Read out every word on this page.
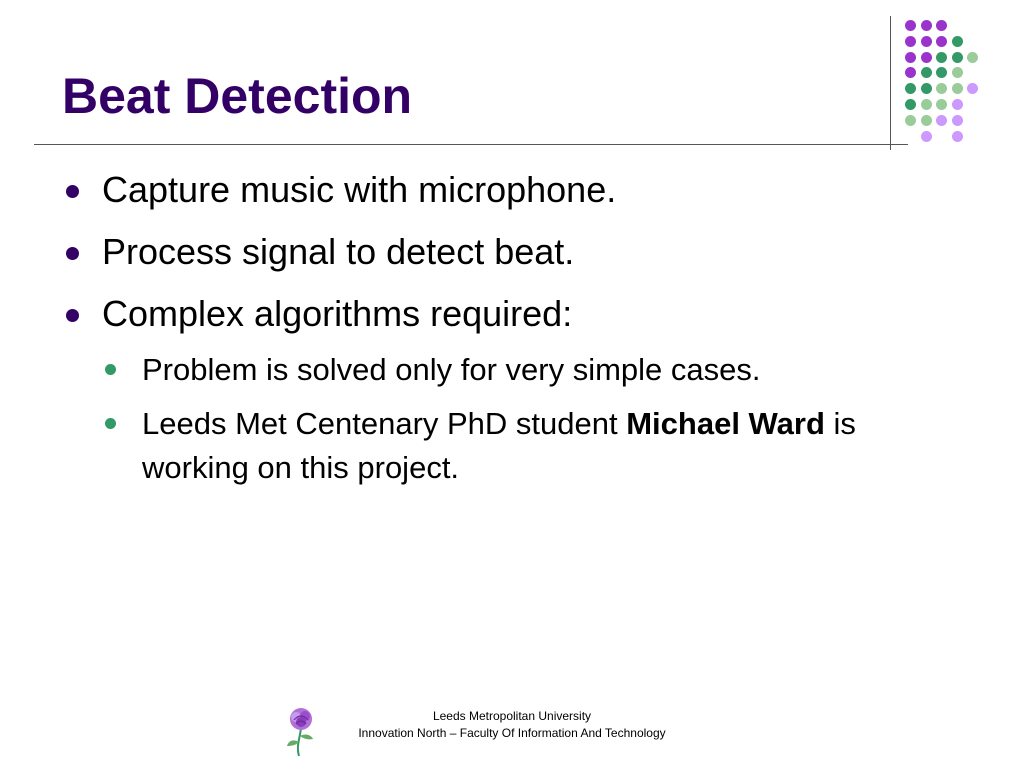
Beat Detection
Capture music with microphone.
Process signal to detect beat.
Complex algorithms required:
Problem is solved only for very simple cases.
Leeds Met Centenary PhD student Michael Ward is working on this project.
Leeds Metropolitan University
Innovation North – Faculty Of Information And Technology
